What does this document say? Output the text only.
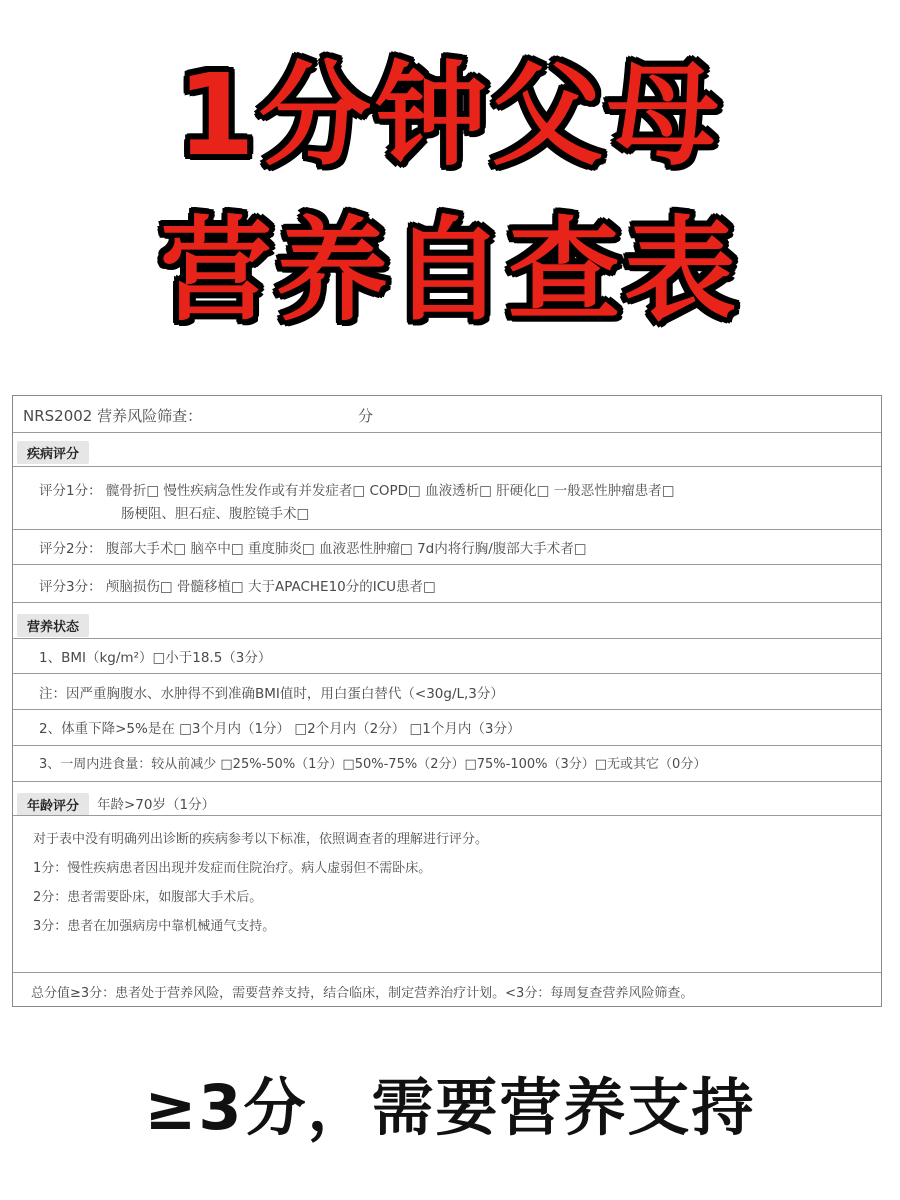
1分钟父母
营养自查表
NRS2002 营养风险筛查：	分
疾病评分
评分1分： 髋骨折□ 慢性疾病急性发作或有并发症者□ COPD□ 血液透析□ 肝硬化□ 一般恶性肿瘤患者□
肠梗阻、胆石症、腹腔镜手术□
评分2分： 腹部大手术□ 脑卒中□ 重度肺炎□ 血液恶性肿瘤□ 7d内将行胸/腹部大手术者□
评分3分： 颅脑损伤□ 骨髓移植□ 大于APACHE10分的ICU患者□
营养状态
1、BMI（kg/m²）□小于18.5（3分）
注：因严重胸腹水、水肿得不到准确BMI值时，用白蛋白替代（<30g/L,3分）
2、体重下降>5%是在 □3个月内（1分） □2个月内（2分） □1个月内（3分）
3、一周内进食量：较从前减少 □25%-50%（1分）□50%-75%（2分）□75%-100%（3分）□无或其它（0分）
年龄评分	年龄>70岁（1分）
对于表中没有明确列出诊断的疾病参考以下标准，依照调查者的理解进行评分。
1分：慢性疾病患者因出现并发症而住院治疗。病人虚弱但不需卧床。
2分：患者需要卧床，如腹部大手术后。
3分：患者在加强病房中靠机械通气支持。
总分值≥3分：患者处于营养风险，需要营养支持，结合临床，制定营养治疗计划。<3分：每周复查营养风险筛查。
≥3分，需要营养支持
